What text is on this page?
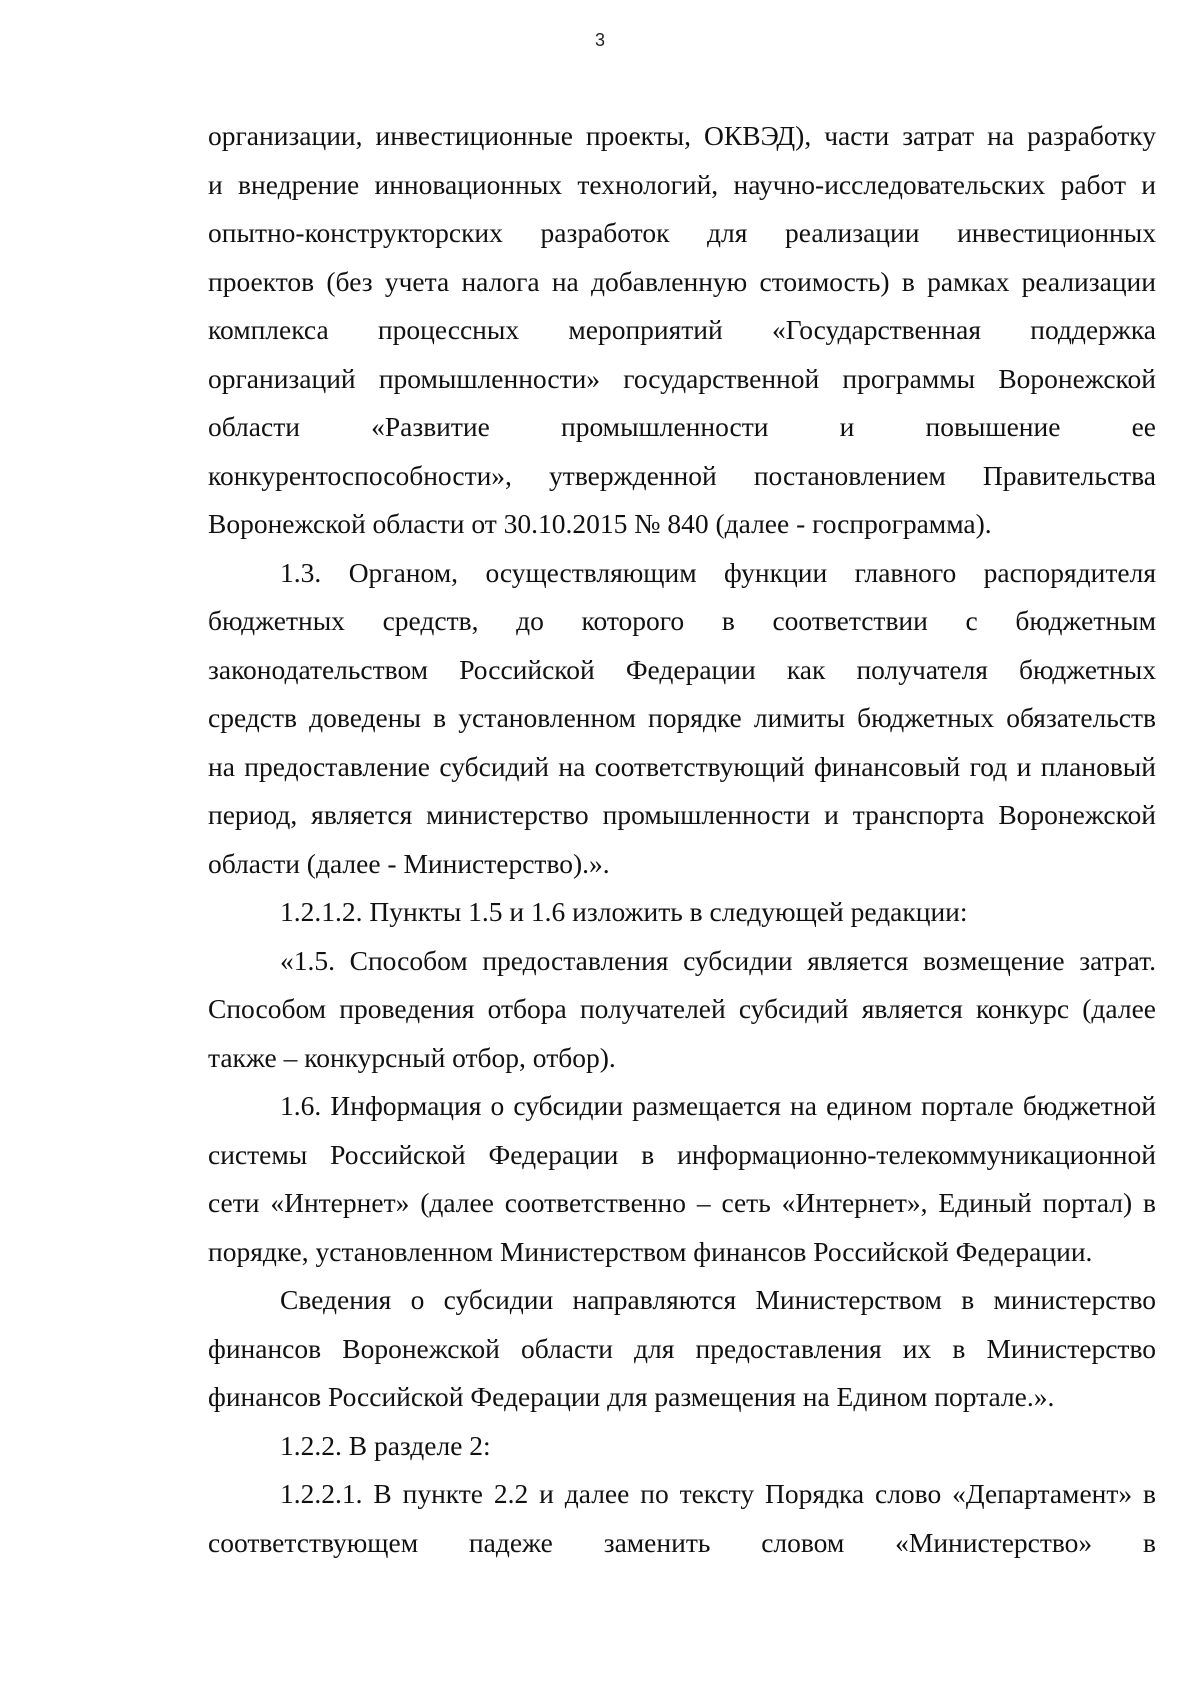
3

организации, инвестиционные проекты, ОКВЭД), части затрат на разработку

и внедрение инновационных технологий, научно-исследовательских работ и

опытно-конструкторских разработок для реализации инвестиционных

проектов (без учета налога на добавленную стоимость) в рамках реализации

комплекса процессных мероприятий «Государственная поддержка

организаций промышленности» государственной программы Воронежской

области «Развитие промышленности и повышение ее

конкурентоспособности», утвержденной постановлением Правительства

Воронежской области от 30.10.2015 № 840 (далее - госпрограмма).

1.3. Органом, осуществляющим функции главного распорядителя

бюджетных средств, до которого в соответствии с бюджетным

законодательством Российской Федерации как получателя бюджетных

средств доведены в установленном порядке лимиты бюджетных обязательств

на предоставление субсидий на соответствующий финансовый год и плановый

период, является министерство промышленности и транспорта Воронежской

области (далее - Министерство).».

1.2.1.2. Пункты 1.5 и 1.6 изложить в следующей редакции:

«1.5. Способом предоставления субсидии является возмещение затрат.

Способом проведения отбора получателей субсидий является конкурс (далее

также – конкурсный отбор, отбор).

1.6. Информация о субсидии размещается на едином портале бюджетной

системы Российской Федерации в информационно-телекоммуникационной

сети «Интернет» (далее соответственно – сеть «Интернет», Единый портал) в

порядке, установленном Министерством финансов Российской Федерации.

Сведения о субсидии направляются Министерством в министерство

финансов Воронежской области для предоставления их в Министерство

финансов Российской Федерации для размещения на Едином портале.».

1.2.2. В разделе 2:

1.2.2.1. В пункте 2.2 и далее по тексту Порядка слово «Департамент» в

соответствующем падеже заменить словом «Министерство» в
